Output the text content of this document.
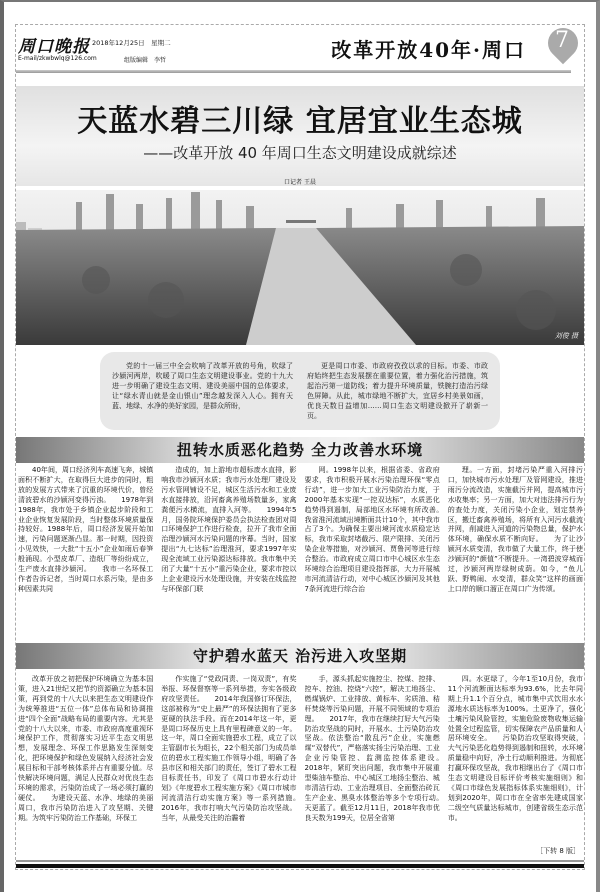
周口晚报 2018年12月25日　星期二
E-mail/zkwbwlq@126.com	组版编辑　李哲	改革开放40年·周口 7
天蓝水碧三川绿 宜居宜业生态城
——改革开放 40 年周口生态文明建设成就综述
口记者 王晨
刘俊 摄

党的十一届三中全会吹响了改革开放的号角，吹绿了沙颍河两岸，吹暖了周口生态文明建设事业。党的十九大进一步明确了建设生态文明、建设美丽中国的总体要求，让“绿水青山就是金山银山”理念越发深入人心。拥有天蓝、地绿、水净的美好家园，是群众所盼，

更是周口市委、市政府孜孜以求的目标。市委、市政府始终把生态发展摆在重要位置，着力强化治污措施，筑起治污第一道防线；着力提升环境质量，铁腕打造治污绿色屏障。从此，城市绿地不断扩大，宜居乡村美景如画，优良天数日益增加……周口生态文明建设掀开了崭新一页。

扭转水质恶化趋势 全力改善水环境

40年间，周口经济列车高速飞奔，城镇面积不断扩大，在取得巨大进步的同时，粗放的发展方式带来了沉重的环境代价，曾经清波碧水的沙颍河变得污浊。　　1978年到1988年，我市处于乡镇企业起步阶段和工业企业恢复发展阶段，当时整体环境质量保持较好。1988年后，周口经济发展开始加速，污染问题逐渐凸显。那一时期，因投资小见效快，一大批“十五小”企业如雨后春笋般涌现。小型皮革厂、造纸厂等纷纷成立，生产废水直排沙颍河。　　我市一名环保工作者告诉记者，当时周口水系污染，是由多种因素共同

造成的，加上游地市超标废水直排，影响我市沙颍河水质；我市污水处理厂建设及污水管网铺设不足，城区生活污水和工业废水直接排放，沿河畜禽养殖场数量多，家禽粪便污水横流，直排入河等。　　1994年5月，国务院环境保护委员会执法检查团对周口环境保护工作进行检查，拉开了我市全面治理沙颍河水污染问题的序幕。当时，国家提出“九七达标”治理淮河，要求1997年实现全流域工业污染源达标排放。我市集中关闭了大量“十五小”重污染企业，要求市控以上企业建设污水处理设施，并安装在线监控与环保部门联

网。1998年以来，根据省委、省政府要求，我市积极开展水污染治理环保“零点行动”，进一步加大工业污染防治力度，于2000年基本实现“一控双达标”，水质恶化趋势得到遏制，局部地区水环境有所改善。　　我省淮河流域出境断面共计10个，其中我市占了3个。为确保主要出境河流水质稳定达标，我市采取封堵截污、限产限排、关闭污染企业等措施，对沙颍河、贾鲁河等进行综合整治。市政府成立周口市中心城区水生态环境综合治理项目建设指挥部，大力开展城市河流清洁行动，对中心城区沙颍河及其他7条河流进行综合治

理。一方面，封堵污染严重入河排污口，加快城市污水处理厂及管网建设，推进雨污分流改造，实施截污并网，提高城市污水收集率；另一方面，加大对违法排污行为的查处力度，关闭污染小企业，划定禁养区，搬迁畜禽养殖场，将所有入河污水截流并网，削减进入河道的污染物总量，保护水体环境，确保水质不断向好。　　为了让沙颍河水质变清，我市做了大量工作，终于使沙颍河的“颜值”不断提升。一湾碧波穿城而过，沙颍河两岸绿树成荫。如今，“鱼儿跃、野鸭闹、水变清，群众笑”这样的画面上口岸的顺口溜正在周口广为传颂。

守护碧水蓝天 治污进入攻坚期

改革开放之初把保护环境确立为基本国策，进入21世纪又把节约资源确立为基本国策，再到党的十八大以来把生态文明建设作为统筹推进“五位一体”总体布局和协调推进“四个全面”战略布局的重要内容。尤其是党的十八大以来，市委、市政府高度重视环境保护工作，贯彻落实习近平生态文明思想，发展理念、环保工作思路发生深刻变化，把环境保护和绿色发展纳入经济社会发展目标和干部考核体系并占有重要分值。尽快解决环境问题，满足人民群众对优良生态环境的需求，污染防治成了一场必须打赢的硬仗。　　为建设天蓝、水净、地绿的美丽周口，我市污染防治进入了攻坚期、关键期。为筑牢污染防治工作基础，环保工

作实施了“党政同责、一岗双责”，有奖举报、环保督察等一系列举措，夯实各级政府攻坚责任。　　2014年我国修订环保法，这部被称为“史上最严”的环保法拥有了更多更硬的执法手段。而在2014年这一年，更是周口环保历史上具有里程碑意义的一年。这一年，周口全面实施碧水工程，成立了以主管副市长为组长，22个相关部门为成员单位的碧水工程实施工作领导小组，明确了各县市区和相关部门的责任，签订了碧水工程目标责任书，印发了《周口市碧水行动计划》《年度碧水工程实施方案》《周口市城市河流清洁行动实施方案》等一系列措施。　　2016年，我市打响大气污染防治攻坚战。当年，从最受关注的治霾着

手，源头抓起实施控尘、控煤、控排、控车、控油、控烧“六控”，解决工地扬尘、燃煤锅炉、工业排放、黄标车、劣质油、秸秆焚烧等污染问题，开展不同领域的专项治理。　　2017年，我市在继续打好大气污染防治攻坚战的同时，开展水、土污染防治攻坚战。依法整治“散乱污”企业，实施燃煤“双替代”，严格落实扬尘污染治理、工业企业污染管控、监测监控体系建设。　　2018年，紧盯突出问题，我市集中开展重型柴油车整治、中心城区工地扬尘整治、城市清洁行动、工业治理项目、全面整治砖瓦生产企业、黑臭水体整治等多个专项行动。　　天更蓝了。截至12月11日，2018年我市优良天数为199天，位居全省第

四。水更绿了，今年1至10月份，我市11个河流断面达标率为93.6%，比去年同期上升1.1个百分点，城市集中式饮用水水源地水质达标率为100%。土更净了，强化土壤污染风险管控，实施危险废物收集运输处置全过程监管，切实保障农产品质量和人居环境安全。　　污染防治攻坚取得突破，大气污染恶化趋势得到遏制和扭转，水环境质量稳中向好，净土行动顺利推进。为彻底打赢环保攻坚战，我市相继出台了《周口市生态文明建设目标评价考核实施细则》和《周口市绿色发展指标体系实施细则》，计划到2020年，周口市在全省率先建成国家二级空气质量达标城市，创建省级生态示范市。

［下转 8 版］
